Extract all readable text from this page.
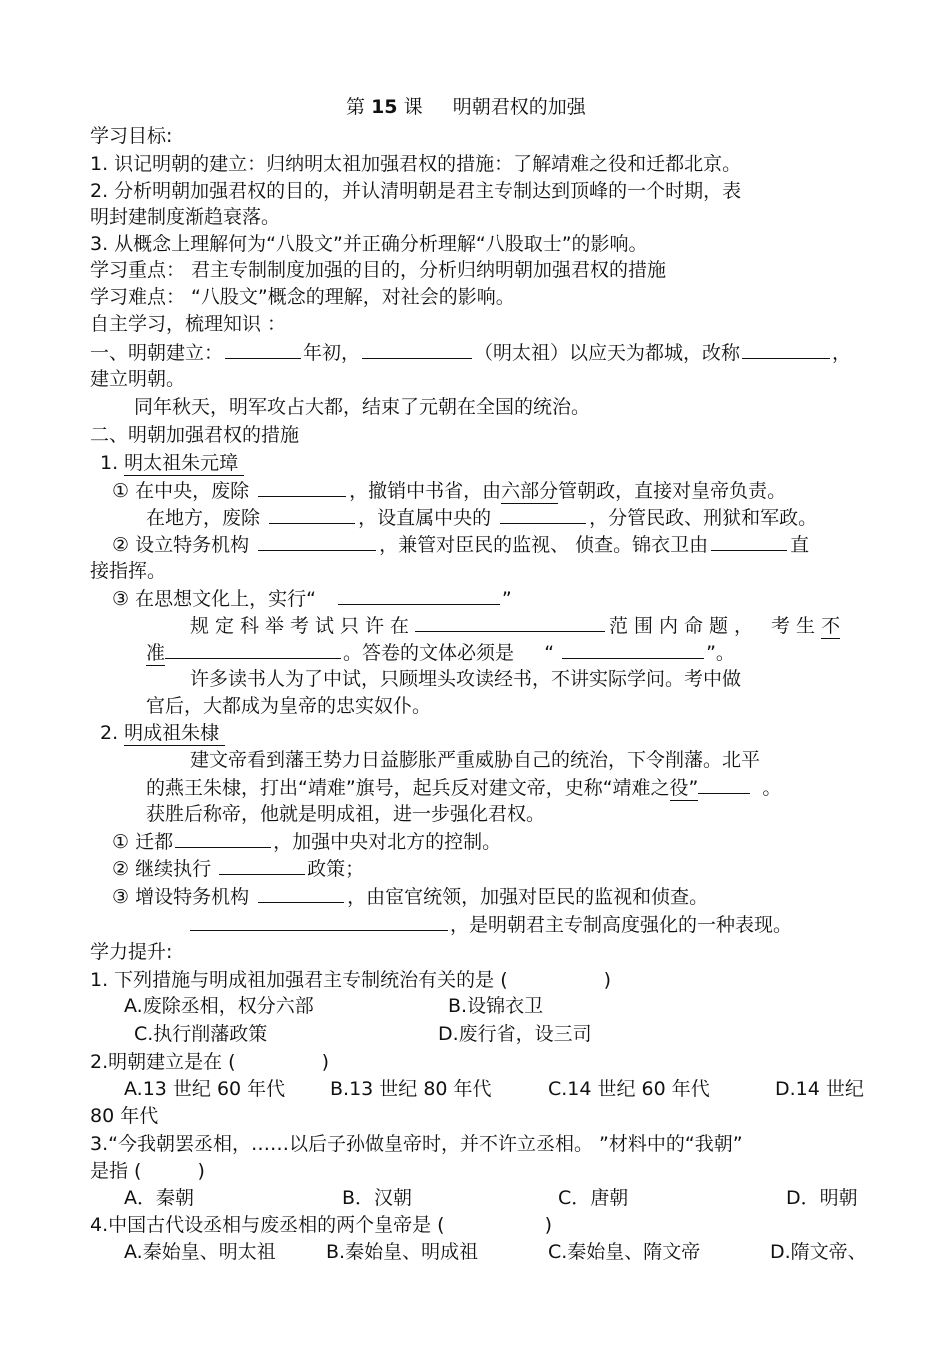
第 15 课 明朝君权的加强
学习目标:
1. 识记明朝的建立：归纳明太祖加强君权的措施：了解靖难之役和迁都北京。
2. 分析明朝加强君权的目的，并认清明朝是君主专制达到顶峰的一个时期，表
明封建制度渐趋衰落。
3. 从概念上理解何为“八股文”并正确分析理解“八股取士”的影响。
学习重点： 君主专制制度加强的目的，分析归纳明朝加强君权的措施
学习难点： “八股文”概念的理解，对社会的影响。
自主学习，梳理知识 ：
一、明朝建立：	年初，	（明太祖）以应天为都城，改称	，
建立明朝。
同年秋天，明军攻占大都，结束了元朝在全国的统治。
二、明朝加强君权的措施
1. 明太祖朱元璋
① 在中央，废除	，撤销中书省，由六部分管朝政，直接对皇帝负责。
在地方，废除	，设直属中央的	，分管民政、刑狱和军政。
② 设立特务机构	，兼管对臣民的监视、 侦查。锦衣卫由	直
接指挥。
③ 在思想文化上，实行“	”
规定科举考试只许在	范围内命题， 考生不
准	。答卷的文体必须是 “	”。
许多读书人为了中试，只顾埋头攻读经书，不讲实际学问。考中做
官后，大都成为皇帝的忠实奴仆。
2. 明成祖朱棣
建文帝看到藩王势力日益膨胀严重威胁自己的统治，下令削藩。北平
的燕王朱棣，打出“靖难”旗号，起兵反对建文帝，史称“靖难之役”	。
获胜后称帝，他就是明成祖，进一步强化君权。
① 迁都	，加强中央对北方的控制。
② 继续执行	政策；
③ 增设特务机构	，由宦官统领，加强对臣民的监视和侦查。
，是明朝君主专制高度强化的一种表现。
学力提升:
1. 下列措施与明成祖加强君主专制统治有关的是 (	)
A.废除丞相，权分六部	B.设锦衣卫
C.执行削藩政策	D.废行省，设三司
2.明朝建立是在 (	)
A.13 世纪 60 年代 B.13 世纪 80 年代	C.14 世纪 60 年代	D.14 世纪
80 年代
3.“今我朝罢丞相，……以后子孙做皇帝时，并不许立丞相。 ”材料中的“我朝”
是指 (	)
A．秦朝	B．汉朝	C．唐朝	D．明朝
4.中国古代设丞相与废丞相的两个皇帝是 (	)
A.秦始皇、明太祖	B.秦始皇、明成祖	C.秦始皇、隋文帝	D.隋文帝、
